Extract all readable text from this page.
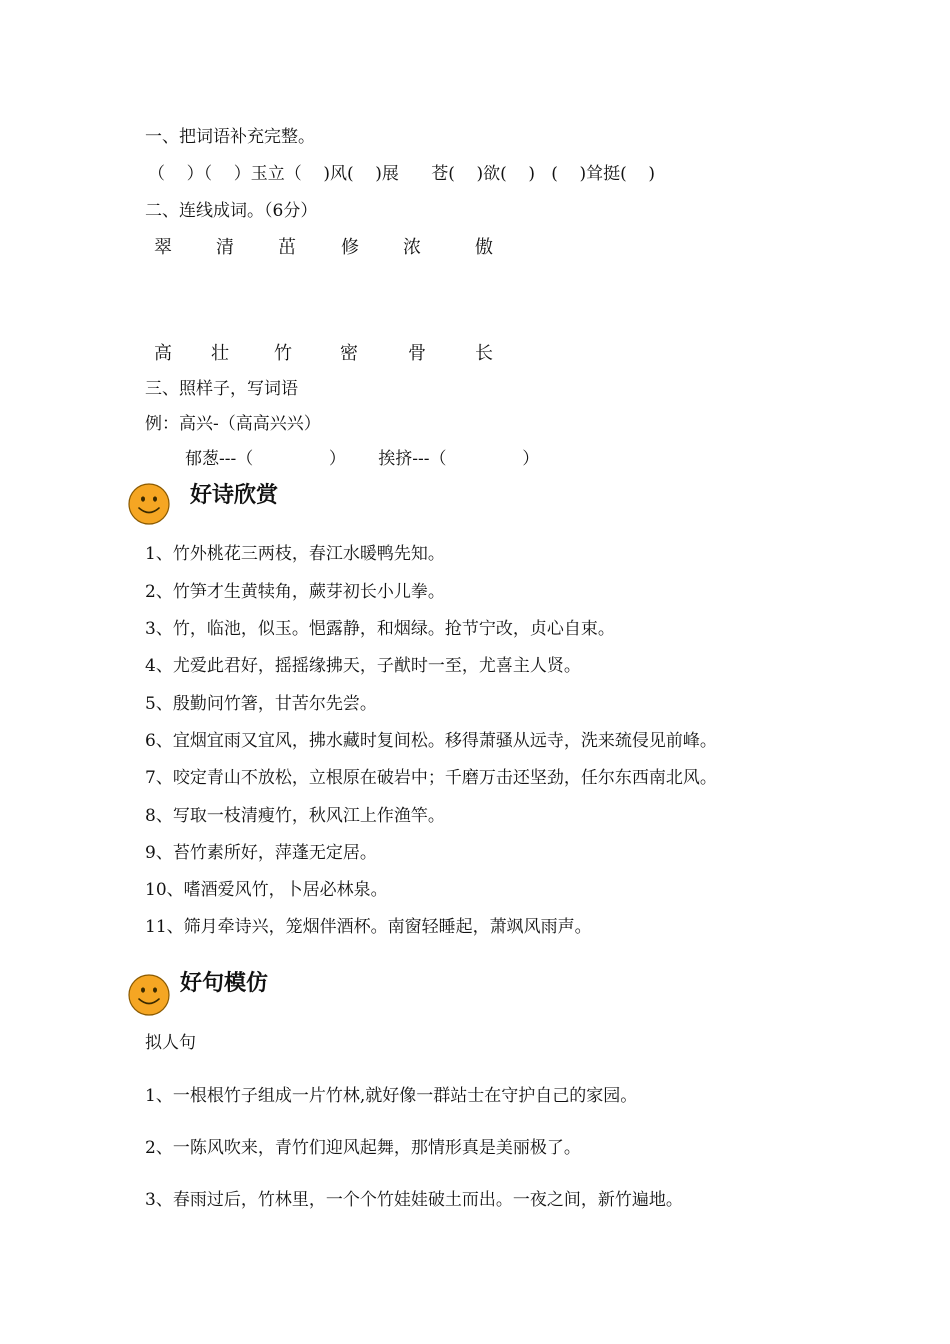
一、把词语补充完整。
（    ）（    ）玉立（    )风(    )展      苍(    )欲(    )   (    )耸挺(    )
二、连线成词。（6分）
翠 清 茁	修 浓	傲
高 壮	竹	密	骨	长
三、照样子，写词语
例：高兴-（高高兴兴）
郁葱---（              ）      挨挤---（              ）
好诗欣赏
1、竹外桃花三两枝，春江水暖鸭先知。
2、竹笋才生黄犊角，蕨芽初长小儿拳。
3、竹，临池，似玉。悒露静，和烟绿。抢节宁改，贞心自束。
4、尤爱此君好，摇摇缘拂天，子猷时一至，尤喜主人贤。
5、殷勤问竹箸，甘苦尔先尝。
6、宜烟宜雨又宜风，拂水藏时复间松。移得萧骚从远寺，洗来巯侵见前峰。
7、咬定青山不放松，立根原在破岩中；千磨万击还坚劲，任尔东西南北风。
8、写取一枝清瘦竹，秋风江上作渔竿。
9、苔竹素所好，萍蓬无定居。
10、嗜酒爱风竹，卜居必林泉。
11、筛月牵诗兴，笼烟伴酒杯。南窗轻睡起，萧飒风雨声。
好句模仿
拟人句
1、一根根竹子组成一片竹林,就好像一群站士在守护自己的家园。
2、一陈风吹来，青竹们迎风起舞，那情形真是美丽极了。
3、春雨过后，竹林里，一个个竹娃娃破土而出。一夜之间，新竹遍地。
